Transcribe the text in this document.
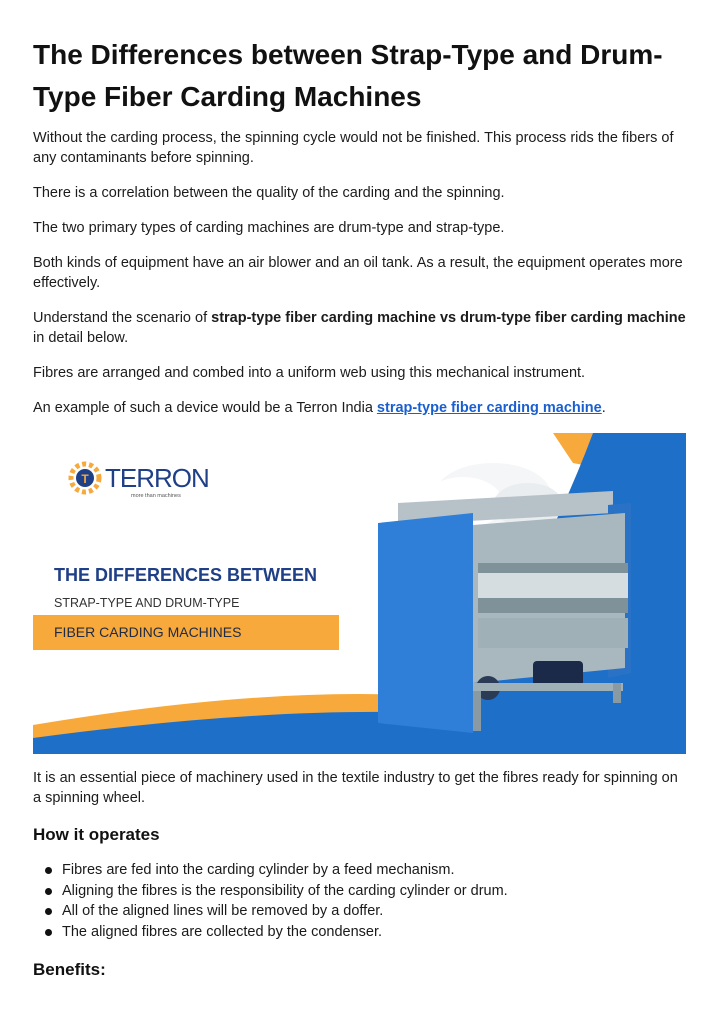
The Differences between Strap-Type and Drum-Type Fiber Carding Machines

Without the carding process, the spinning cycle would not be finished. This process rids the fibers of any contaminants before spinning.

There is a correlation between the quality of the carding and the spinning.

The two primary types of carding machines are drum-type and strap-type.

Both kinds of equipment have an air blower and an oil tank. As a result, the equipment operates more effectively.

Understand the scenario of strap-type fiber carding machine vs drum-type fiber carding machine in detail below.

Fibres are arranged and combed into a uniform web using this mechanical instrument.

An example of such a device would be a Terron India strap-type fiber carding machine.

It is an essential piece of machinery used in the textile industry to get the fibres ready for spinning on a spinning wheel.

How it operates
Fibres are fed into the carding cylinder by a feed mechanism.
Aligning the fibres is the responsibility of the carding cylinder or drum.
All of the aligned lines will be removed by a doffer.
The aligned fibres are collected by the condenser.
Benefits:
T TERRON
more than machines
THE DIFFERENCES BETWEEN
STRAP-TYPE AND DRUM-TYPE
FIBER CARDING MACHINES
